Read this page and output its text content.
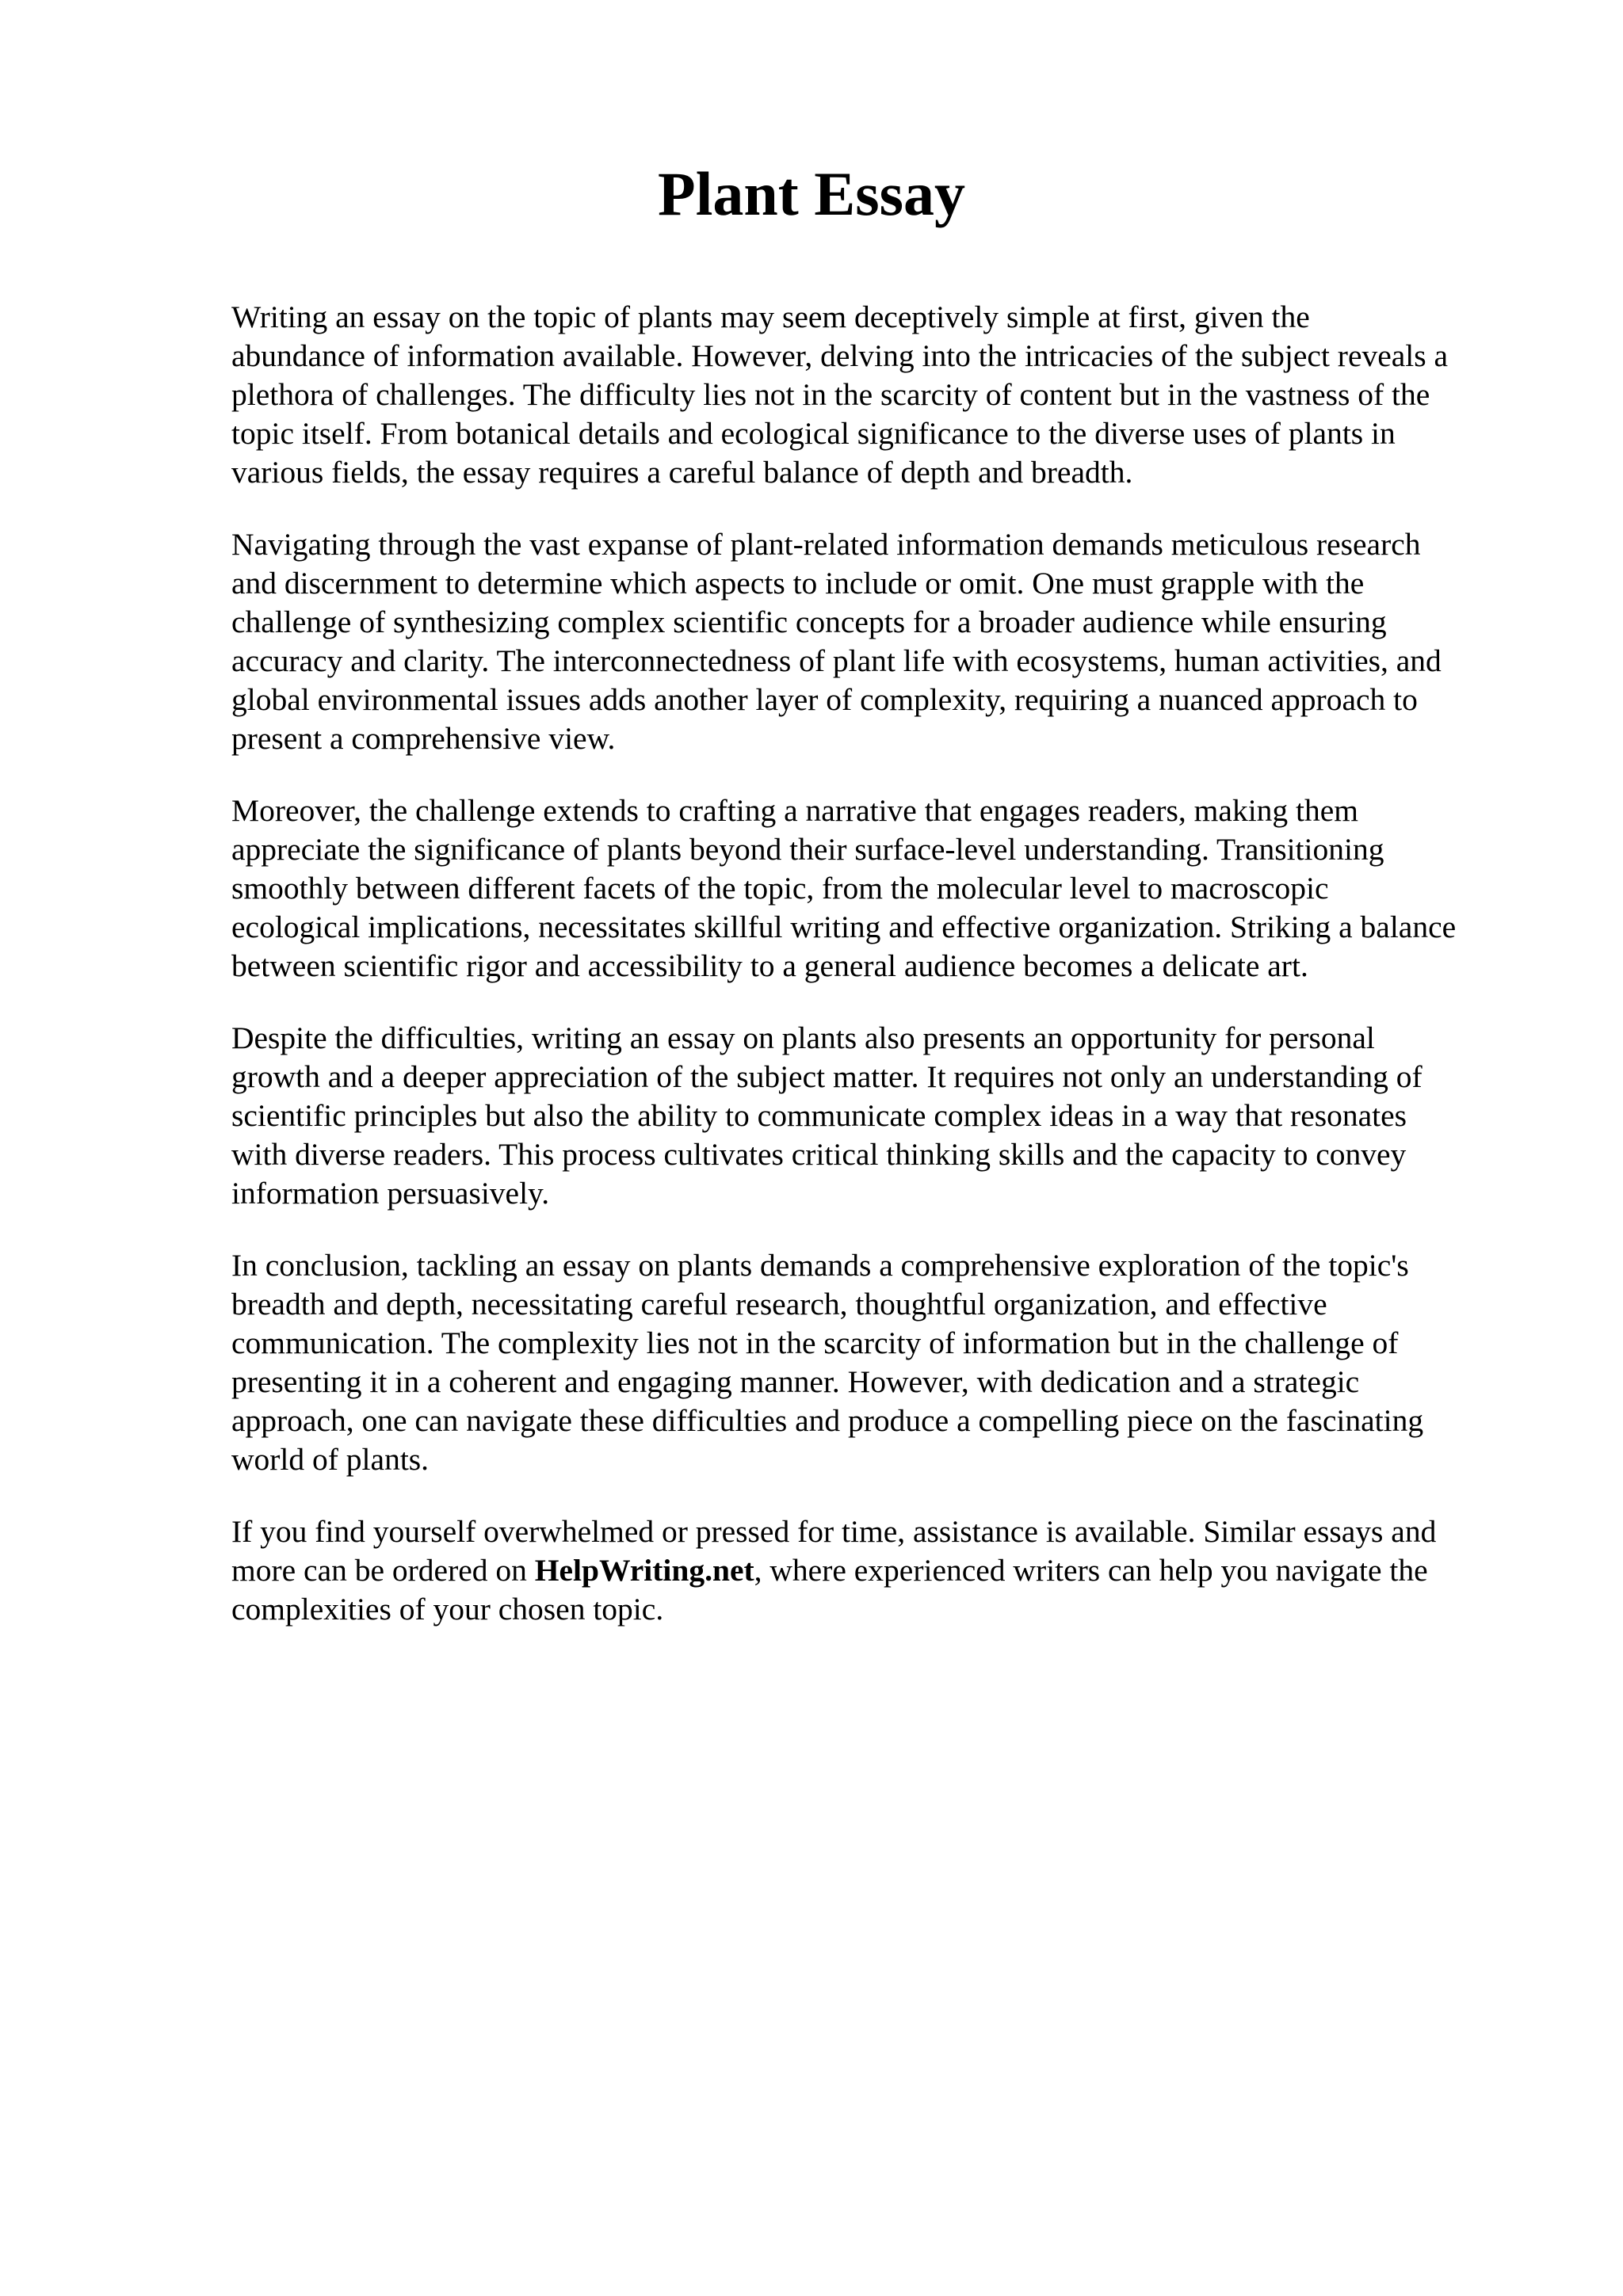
Plant Essay

Writing an essay on the topic of plants may seem deceptively simple at first, given the
abundance of information available. However, delving into the intricacies of the subject reveals a
plethora of challenges. The difficulty lies not in the scarcity of content but in the vastness of the
topic itself. From botanical details and ecological significance to the diverse uses of plants in
various fields, the essay requires a careful balance of depth and breadth.

Navigating through the vast expanse of plant-related information demands meticulous research
and discernment to determine which aspects to include or omit. One must grapple with the
challenge of synthesizing complex scientific concepts for a broader audience while ensuring
accuracy and clarity. The interconnectedness of plant life with ecosystems, human activities, and
global environmental issues adds another layer of complexity, requiring a nuanced approach to
present a comprehensive view.

Moreover, the challenge extends to crafting a narrative that engages readers, making them
appreciate the significance of plants beyond their surface-level understanding. Transitioning
smoothly between different facets of the topic, from the molecular level to macroscopic
ecological implications, necessitates skillful writing and effective organization. Striking a balance
between scientific rigor and accessibility to a general audience becomes a delicate art.

Despite the difficulties, writing an essay on plants also presents an opportunity for personal
growth and a deeper appreciation of the subject matter. It requires not only an understanding of
scientific principles but also the ability to communicate complex ideas in a way that resonates
with diverse readers. This process cultivates critical thinking skills and the capacity to convey
information persuasively.

In conclusion, tackling an essay on plants demands a comprehensive exploration of the topic's
breadth and depth, necessitating careful research, thoughtful organization, and effective
communication. The complexity lies not in the scarcity of information but in the challenge of
presenting it in a coherent and engaging manner. However, with dedication and a strategic
approach, one can navigate these difficulties and produce a compelling piece on the fascinating
world of plants.

If you find yourself overwhelmed or pressed for time, assistance is available. Similar essays and
more can be ordered on HelpWriting.net, where experienced writers can help you navigate the
complexities of your chosen topic.
